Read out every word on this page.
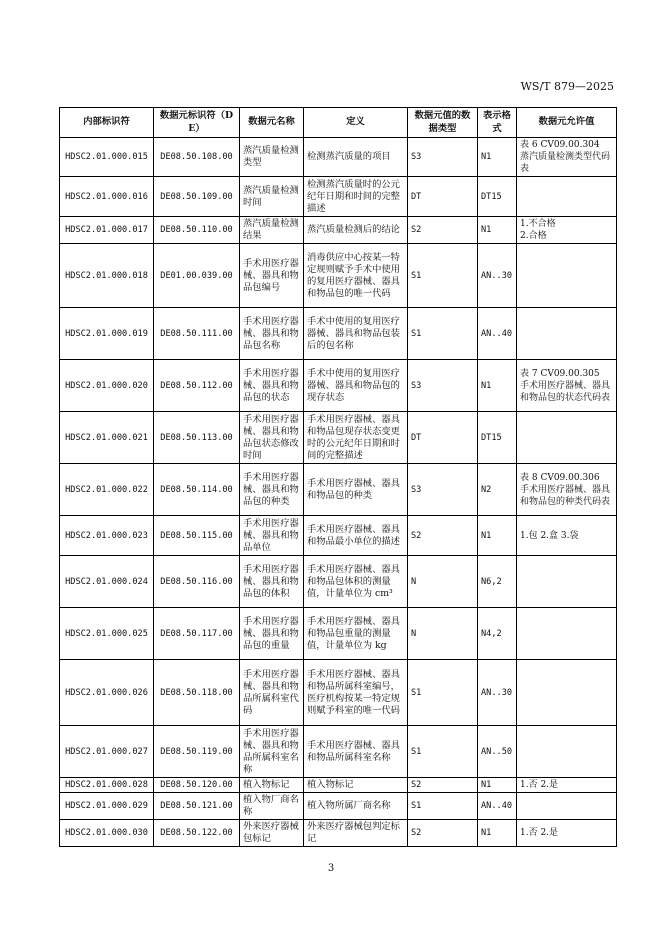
WS/T 879—2025
内部标识符	数据元标识符（DE）	数据元名称	定义	数据元值的数据类型	表示格式	数据元允许值
HDSC2.01.000.015	DE08.50.108.00	蒸汽质量检测类型	检测蒸汽质量的项目	S3	N1	表 6 CV09.00.304
蒸汽质量检测类型代码表

HDSC2.01.000.016	DE08.50.109.00	蒸汽质量检测时间	检测蒸汽质量时的公元纪年日期和时间的完整描述	DT	DT15	
HDSC2.01.000.017	DE08.50.110.00	蒸汽质量检测结果	蒸汽质量检测后的结论	S2	N1	1.不合格
2.合格

HDSC2.01.000.018	DE01.00.039.00	手术用医疗器械、器具和物品包编号	消毒供应中心按某一特定规则赋予手术中使用的复用医疗器械、器具和物品包的唯一代码	S1	AN..30	
HDSC2.01.000.019	DE08.50.111.00	手术用医疗器械、器具和物品包名称	手术中使用的复用医疗器械、器具和物品包装后的包名称	S1	AN..40	
HDSC2.01.000.020	DE08.50.112.00	手术用医疗器械、器具和物品包的状态	手术中使用的复用医疗器械、器具和物品包的现存状态	S3	N1	表 7 CV09.00.305
手术用医疗器械、器具和物品包的状态代码表

HDSC2.01.000.021	DE08.50.113.00	手术用医疗器械、器具和物品包状态修改时间	手术用医疗器械、器具和物品包现存状态变更时的公元纪年日期和时间的完整描述	DT	DT15	
HDSC2.01.000.022	DE08.50.114.00	手术用医疗器械、器具和物品包的种类	手术用医疗器械、器具和物品包的种类	S3	N2	表 8 CV09.00.306
手术用医疗器械、器具和物品包的种类代码表

HDSC2.01.000.023	DE08.50.115.00	手术用医疗器械、器具和物品单位	手术用医疗器械、器具和物品最小单位的描述	S2	N1	1.包 2.盒 3.袋

HDSC2.01.000.024	DE08.50.116.00	手术用医疗器械、器具和物品包的体积	手术用医疗器械、器具和物品包体积的测量值，计量单位为 cm³	N	N6,2	
HDSC2.01.000.025	DE08.50.117.00	手术用医疗器械、器具和物品包的重量	手术用医疗器械、器具和物品包重量的测量值，计量单位为 kg	N	N4,2	
HDSC2.01.000.026	DE08.50.118.00	手术用医疗器械、器具和物品所属科室代码	手术用医疗器械、器具和物品所属科室编号，医疗机构按某一特定规则赋予科室的唯一代码	S1	AN..30	
HDSC2.01.000.027	DE08.50.119.00	手术用医疗器械、器具和物品所属科室名称	手术用医疗器械、器具和物品所属科室名称	S1	AN..50	
HDSC2.01.000.028	DE08.50.120.00	植入物标记	植入物标记	S2	N1	1.否 2.是

HDSC2.01.000.029	DE08.50.121.00	植入物厂商名称	植入物所属厂商名称	S1	AN..40	
HDSC2.01.000.030	DE08.50.122.00	外来医疗器械包标记	外来医疗器械包判定标记	S2	N1	1.否 2.是
3
